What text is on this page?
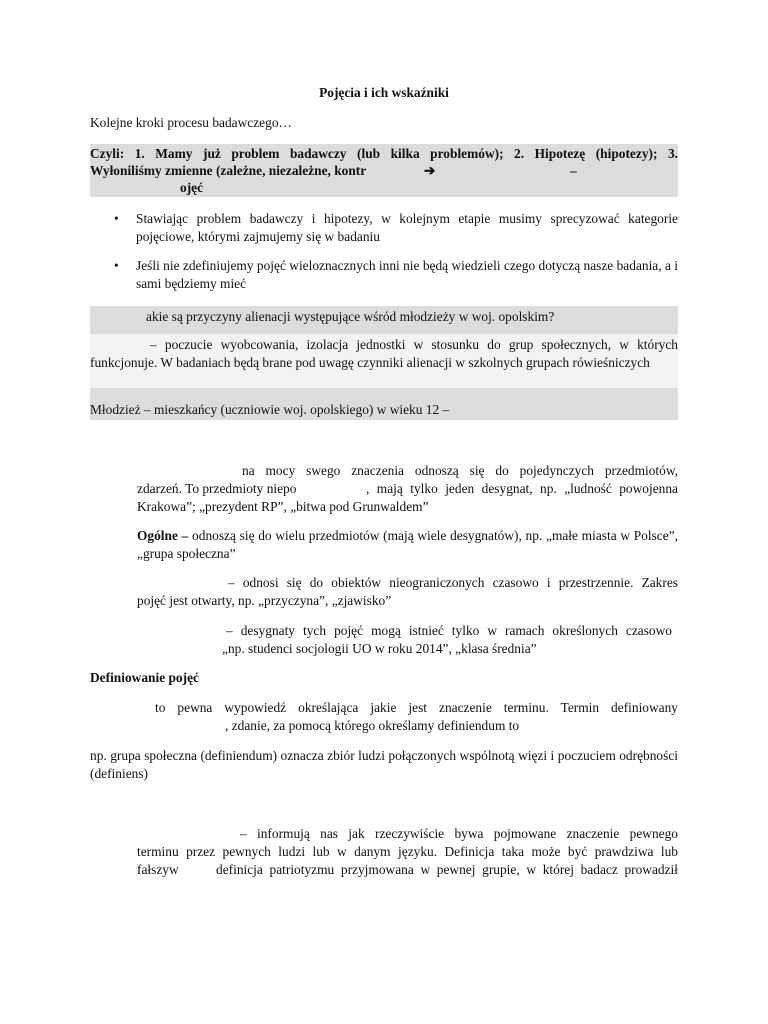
Pojęcia i ich wskaźniki
Kolejne kroki procesu badawczego…
Czyli: 1. Mamy już problem badawczy (lub kilka problemów); 2. Hipotezę (hipotezy); 3.
Wyłoniliśmy zmienne (zależne, niezależne, kontr	➔	–
ojęć
• Stawiając problem badawczy i hipotezy, w kolejnym etapie musimy sprecyzować kategorie pojęciowe, którymi zajmujemy się w badaniu
• Jeśli nie zdefiniujemy pojęć wieloznacznych inni nie będą wiedzieli czego dotyczą nasze badania, a i sami będziemy mieć
akie są przyczyny alienacji występujące wśród młodzieży w woj. opolskim?
– poczucie wyobcowania, izolacja jednostki w stosunku do grup społecznych, w których
funkcjonuje. W badaniach będą brane pod uwagę czynniki alienacji w szkolnych grupach rówieśniczych
Młodzież – mieszkańcy (uczniowie woj. opolskiego) w wieku 12 –
na mocy swego znaczenia odnoszą się do pojedynczych przedmiotów,
zdarzeń. To przedmioty niepo	, mają tylko jeden desygnat, np. „ludność powojenna
Krakowa”; „prezydent RP”, „bitwa pod Grunwaldem”
Ogólne – odnoszą się do wielu przedmiotów (mają wiele desygnatów), np. „małe miasta w Polsce”, „grupa społeczna”
– odnosi się do obiektów nieograniczonych czasowo i przestrzennie. Zakres
pojęć jest otwarty, np. „przyczyna”, „zjawisko”
– desygnaty tych pojęć mogą istnieć tylko w ramach określonych czasowo
„np. studenci socjologii UO w roku 2014”, „klasa średnia”
Definiowanie pojęć
to pewna wypowiedź określająca jakie jest znaczenie terminu. Termin definiowany
, zdanie, za pomocą którego określamy definiendum to
np. grupa społeczna (definiendum) oznacza zbiór ludzi połączonych wspólnotą więzi i poczuciem odrębności (definiens)
– informują nas jak rzeczywiście bywa pojmowane znaczenie pewnego
terminu przez pewnych ludzi lub w danym języku. Definicja taka może być prawdziwa lub
fałszyw	definicja patriotyzmu przyjmowana w pewnej grupie, w której badacz prowadził
